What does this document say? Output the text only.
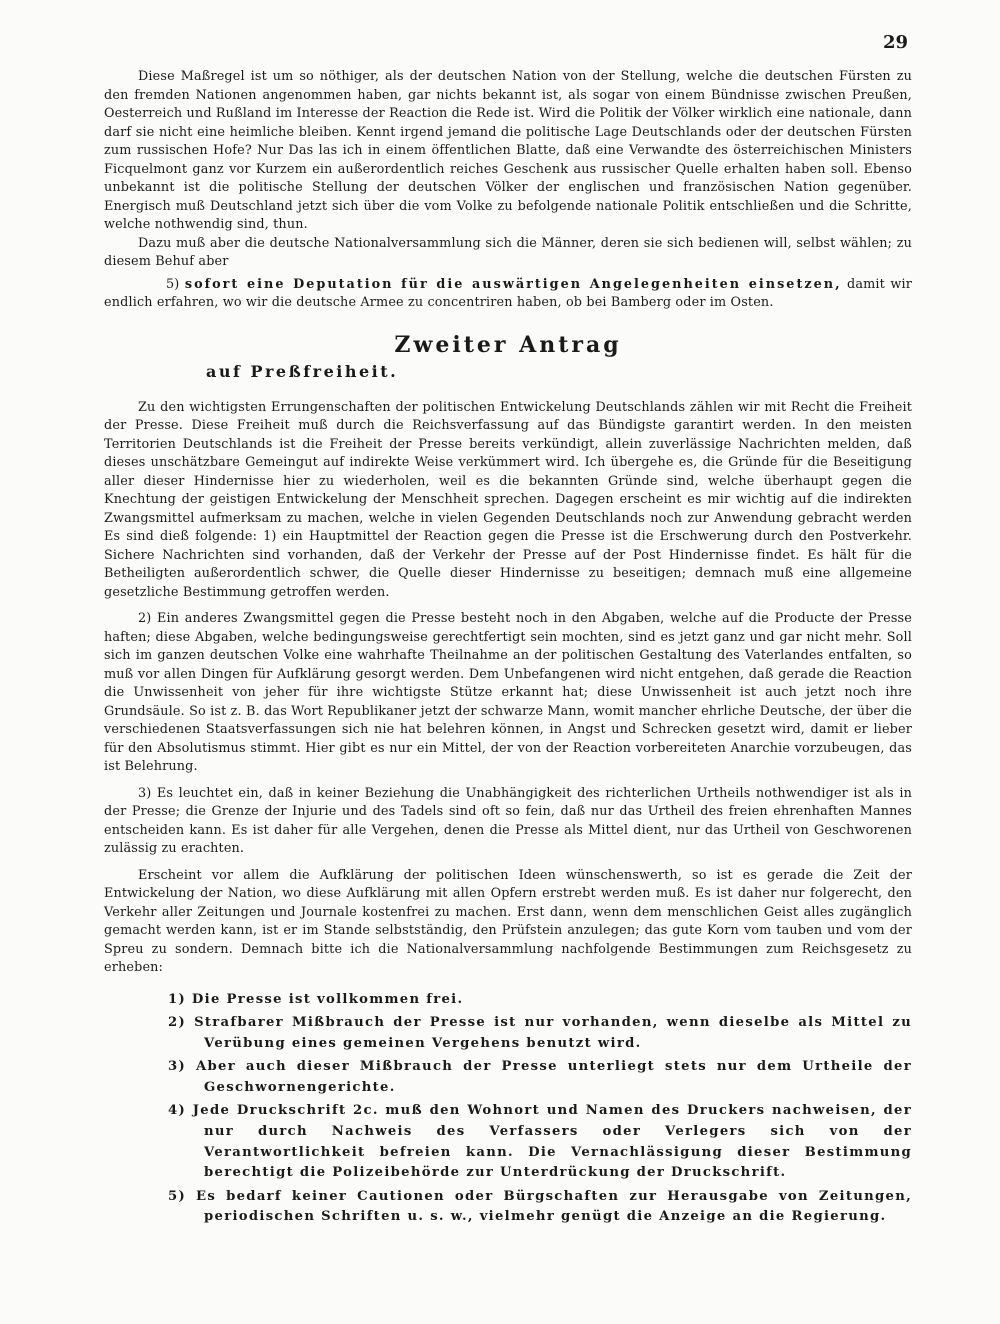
29

Diese Maßregel ist um so nöthiger, als der deutschen Nation von der Stellung, welche die deutschen Fürsten zu den fremden Nationen angenommen haben, gar nichts bekannt ist, als sogar von einem Bündnisse zwischen Preußen, Oesterreich und Rußland im Interesse der Reaction die Rede ist. Wird die Politik der Völker wirklich eine nationale, dann darf sie nicht eine heimliche bleiben. Kennt irgend jemand die politische Lage Deutschlands oder der deutschen Fürsten zum russischen Hofe? Nur Das las ich in einem öffentlichen Blatte, daß eine Verwandte des österreichischen Ministers Ficquelmont ganz vor Kurzem ein außerordentlich reiches Geschenk aus russischer Quelle erhalten haben soll. Ebenso unbekannt ist die politische Stellung der deutschen Völker der englischen und französischen Nation gegenüber. Energisch muß Deutschland jetzt sich über die vom Volke zu befolgende nationale Politik entschließen und die Schritte, welche nothwendig sind, thun.

Dazu muß aber die deutsche Nationalversammlung sich die Männer, deren sie sich bedienen will, selbst wählen; zu diesem Behuf aber

5) sofort eine Deputation für die auswärtigen Angelegenheiten einsetzen, damit wir endlich erfahren, wo wir die deutsche Armee zu concentriren haben, ob bei Bamberg oder im Osten.

Zweiter Antrag
auf Preßfreiheit.

Zu den wichtigsten Errungenschaften der politischen Entwickelung Deutschlands zählen wir mit Recht die Freiheit der Presse. Diese Freiheit muß durch die Reichsverfassung auf das Bündigste garantirt werden. In den meisten Territorien Deutschlands ist die Freiheit der Presse bereits verkündigt, allein zuverlässige Nachrichten melden, daß dieses unschätzbare Gemeingut auf indirekte Weise verkümmert wird. Ich übergehe es, die Gründe für die Beseitigung aller dieser Hindernisse hier zu wiederholen, weil es die bekannten Gründe sind, welche überhaupt gegen die Knechtung der geistigen Entwickelung der Menschheit sprechen. Dagegen erscheint es mir wichtig auf die indirekten Zwangsmittel aufmerksam zu machen, welche in vielen Gegenden Deutschlands noch zur Anwendung gebracht werden Es sind dieß folgende: 1) ein Hauptmittel der Reaction gegen die Presse ist die Erschwerung durch den Postverkehr. Sichere Nachrichten sind vorhanden, daß der Verkehr der Presse auf der Post Hindernisse findet. Es hält für die Betheiligten außerordentlich schwer, die Quelle dieser Hindernisse zu beseitigen; demnach muß eine allgemeine gesetzliche Bestimmung getroffen werden.

2) Ein anderes Zwangsmittel gegen die Presse besteht noch in den Abgaben, welche auf die Producte der Presse haften; diese Abgaben, welche bedingungsweise gerechtfertigt sein mochten, sind es jetzt ganz und gar nicht mehr. Soll sich im ganzen deutschen Volke eine wahrhafte Theilnahme an der politischen Gestaltung des Vaterlandes entfalten, so muß vor allen Dingen für Aufklärung gesorgt werden. Dem Unbefangenen wird nicht entgehen, daß gerade die Reaction die Unwissenheit von jeher für ihre wichtigste Stütze erkannt hat; diese Unwissenheit ist auch jetzt noch ihre Grundsäule. So ist z. B. das Wort Republikaner jetzt der schwarze Mann, womit mancher ehrliche Deutsche, der über die verschiedenen Staatsverfassungen sich nie hat belehren können, in Angst und Schrecken gesetzt wird, damit er lieber für den Absolutismus stimmt. Hier gibt es nur ein Mittel, der von der Reaction vorbereiteten Anarchie vorzubeugen, das ist Belehrung.

3) Es leuchtet ein, daß in keiner Beziehung die Unabhängigkeit des richterlichen Urtheils nothwendiger ist als in der Presse; die Grenze der Injurie und des Tadels sind oft so fein, daß nur das Urtheil des freien ehrenhaften Mannes entscheiden kann. Es ist daher für alle Vergehen, denen die Presse als Mittel dient, nur das Urtheil von Geschworenen zulässig zu erachten.

Erscheint vor allem die Aufklärung der politischen Ideen wünschenswerth, so ist es gerade die Zeit der Entwickelung der Nation, wo diese Aufklärung mit allen Opfern erstrebt werden muß. Es ist daher nur folgerecht, den Verkehr aller Zeitungen und Journale kostenfrei zu machen. Erst dann, wenn dem menschlichen Geist alles zugänglich gemacht werden kann, ist er im Stande selbstständig, den Prüfstein anzulegen; das gute Korn vom tauben und vom der Spreu zu sondern. Demnach bitte ich die Nationalversammlung nachfolgende Bestimmungen zum Reichsgesetz zu erheben:

1) Die Presse ist vollkommen frei.
2) Strafbarer Mißbrauch der Presse ist nur vorhanden, wenn dieselbe als Mittel zu Verübung eines gemeinen Vergehens benutzt wird.
3) Aber auch dieser Mißbrauch der Presse unterliegt stets nur dem Urtheile der Geschwornengerichte.
4) Jede Druckschrift 2c. muß den Wohnort und Namen des Druckers nachweisen, der nur durch Nachweis des Verfassers oder Verlegers sich von der Verantwortlichkeit befreien kann. Die Vernachlässigung dieser Bestimmung berechtigt die Polizeibehörde zur Unterdrückung der Druckschrift.
5) Es bedarf keiner Cautionen oder Bürgschaften zur Herausgabe von Zeitungen, periodischen Schriften u. s. w., vielmehr genügt die Anzeige an die Regierung.
